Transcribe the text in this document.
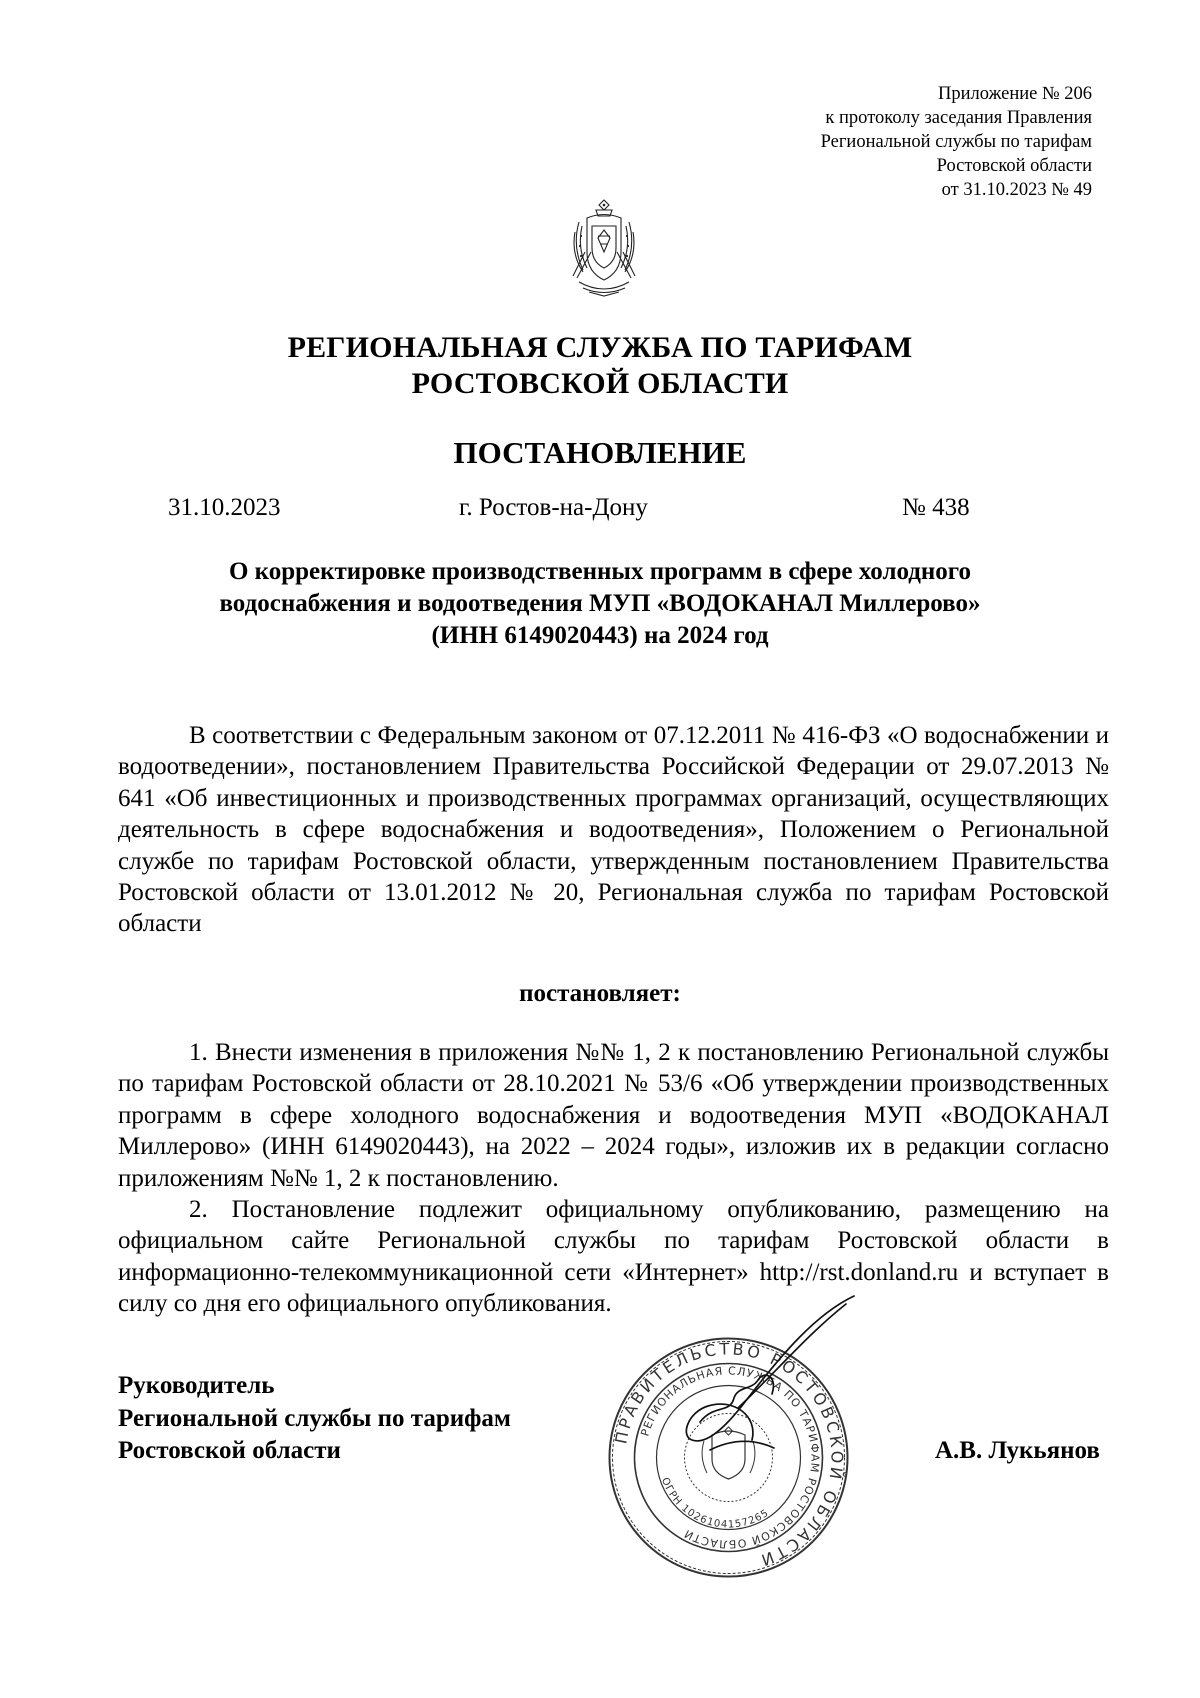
Приложение № 206
к протоколу заседания Правления
Региональной службы по тарифам
Ростовской области
от 31.10.2023 № 49
РЕГИОНАЛЬНАЯ СЛУЖБА ПО ТАРИФАМ
РОСТОВСКОЙ ОБЛАСТИ
ПОСТАНОВЛЕНИЕ
31.10.2023	г. Ростов-на-Дону	№ 438
О корректировке производственных программ в сфере холодного
водоснабжения и водоотведения МУП «ВОДОКАНАЛ Миллерово»
(ИНН 6149020443) на 2024 год

В соответствии с Федеральным законом от 07.12.2011 № 416-ФЗ «О водоснабжении и водоотведении», постановлением Правительства Российской Федерации от 29.07.2013 № 641 «Об инвестиционных и производственных программах организаций, осуществляющих деятельность в сфере водоснабжения и водоотведения», Положением о Региональной службе по тарифам Ростовской области, утвержденным постановлением Правительства Ростовской области от 13.01.2012 № 20, Региональная служба по тарифам Ростовской области

постановляет:

1. Внести изменения в приложения №№ 1, 2 к постановлению Региональной службы по тарифам Ростовской области от 28.10.2021 № 53/6 «Об утверждении производственных программ в сфере холодного водоснабжения и водоотведения МУП «ВОДОКАНАЛ Миллерово» (ИНН 6149020443), на 2022 – 2024 годы», изложив их в редакции согласно приложениям №№ 1, 2 к постановлению.

2. Постановление подлежит официальному опубликованию, размещению на официальном сайте Региональной службы по тарифам Ростовской области в информационно-телекоммуникационной сети «Интернет» http://rst.donland.ru и вступает в силу со дня его официального опубликования.

Руководитель
Региональной службы по тарифам
Ростовской области
ПРАВИТЕЛЬСТВО РОСТОВСКОЙ ОБЛАСТИ
РЕГИОНАЛЬНАЯ СЛУЖБА ПО ТАРИФАМ РОСТОВСКОЙ ОБЛАСТИ
ОГРН 1026104157265
А.В. Лукьянов
